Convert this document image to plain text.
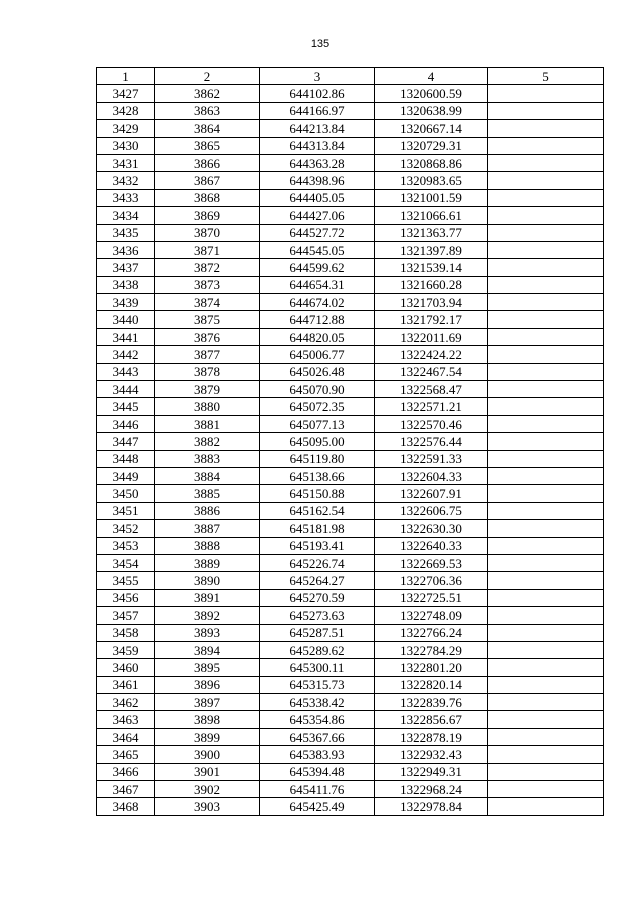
135
1	2	3	4	5
3427	3862	644102.86	1320600.59	
3428	3863	644166.97	1320638.99	
3429	3864	644213.84	1320667.14	
3430	3865	644313.84	1320729.31	
3431	3866	644363.28	1320868.86	
3432	3867	644398.96	1320983.65	
3433	3868	644405.05	1321001.59	
3434	3869	644427.06	1321066.61	
3435	3870	644527.72	1321363.77	
3436	3871	644545.05	1321397.89	
3437	3872	644599.62	1321539.14	
3438	3873	644654.31	1321660.28	
3439	3874	644674.02	1321703.94	
3440	3875	644712.88	1321792.17	
3441	3876	644820.05	1322011.69	
3442	3877	645006.77	1322424.22	
3443	3878	645026.48	1322467.54	
3444	3879	645070.90	1322568.47	
3445	3880	645072.35	1322571.21	
3446	3881	645077.13	1322570.46	
3447	3882	645095.00	1322576.44	
3448	3883	645119.80	1322591.33	
3449	3884	645138.66	1322604.33	
3450	3885	645150.88	1322607.91	
3451	3886	645162.54	1322606.75	
3452	3887	645181.98	1322630.30	
3453	3888	645193.41	1322640.33	
3454	3889	645226.74	1322669.53	
3455	3890	645264.27	1322706.36	
3456	3891	645270.59	1322725.51	
3457	3892	645273.63	1322748.09	
3458	3893	645287.51	1322766.24	
3459	3894	645289.62	1322784.29	
3460	3895	645300.11	1322801.20	
3461	3896	645315.73	1322820.14	
3462	3897	645338.42	1322839.76	
3463	3898	645354.86	1322856.67	
3464	3899	645367.66	1322878.19	
3465	3900	645383.93	1322932.43	
3466	3901	645394.48	1322949.31	
3467	3902	645411.76	1322968.24	
3468	3903	645425.49	1322978.84	
